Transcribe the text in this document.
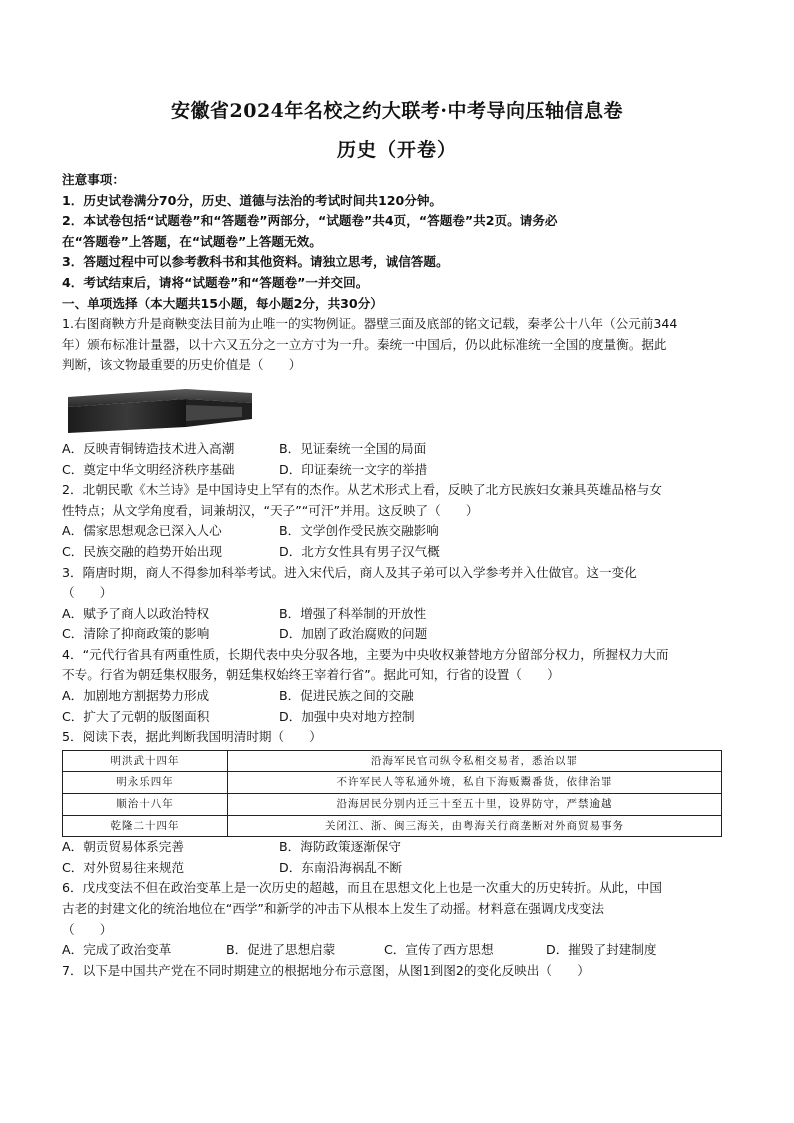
安徽省2024年名校之约大联考·中考导向压轴信息卷
历史（开卷）

注意事项：

1．历史试卷满分70分，历史、道德与法治的考试时间共120分钟。

2．本试卷包括“试题卷”和“答题卷”两部分，“试题卷”共4页，“答题卷”共2页。请务必

在“答题卷”上答题，在“试题卷”上答题无效。

3．答题过程中可以参考教科书和其他资料。请独立思考，诚信答题。

4．考试结束后，请将“试题卷”和“答题卷”一并交回。

一、单项选择（本大题共15小题，每小题2分，共30分）

1.右图商鞅方升是商鞅变法目前为止唯一的实物例证。器壁三面及底部的铭文记载，秦孝公十八年（公元前344

年）颁布标准计量器，以十六又五分之一立方寸为一升。秦统一中国后，仍以此标准统一全国的度量衡。据此

判断，该文物最重要的历史价值是（　　）

A．反映青铜铸造技术进入高潮	B．见证秦统一全国的局面
C．奠定中华文明经济秩序基础	D．印证秦统一文字的举措

2．北朝民歌《木兰诗》是中国诗史上罕有的杰作。从艺术形式上看，反映了北方民族妇女兼具英雄品格与女

性特点；从文学角度看，词兼胡汉，“天子”“可汗”并用。这反映了（　　）

A．儒家思想观念已深入人心	B．文学创作受民族交融影响
C．民族交融的趋势开始出现	D．北方女性具有男子汉气概

3．隋唐时期，商人不得参加科举考试。进入宋代后，商人及其子弟可以入学参考并入仕做官。这一变化

（　　）

A．赋予了商人以政治特权	B．增强了科举制的开放性
C．清除了抑商政策的影响	D．加剧了政治腐败的问题

4．“元代行省具有两重性质，长期代表中央分驭各地，主要为中央收权兼替地方分留部分权力，所握权力大而

不专。行省为朝廷集权服务，朝廷集权始终王宰着行省”。据此可知，行省的设置（　　）

A．加剧地方割据势力形成	B．促进民族之间的交融
C．扩大了元朝的版图面积	D．加强中央对地方控制

5．阅读下表，据此判断我国明清时期（　　）

明洪武十四年	沿海军民官司纵令私相交易者，悉治以罪
明永乐四年	不许军民人等私通外境，私自下海贩鬻番货，依律治罪
顺治十八年	沿海居民分别内迁三十至五十里，设界防守，严禁逾越
乾隆二十四年	关闭江、浙、闽三海关，由粤海关行商垄断对外商贸易事务
A．朝贡贸易体系完善	B．海防政策逐渐保守
C．对外贸易往来规范	D．东南沿海祸乱不断

6．戊戌变法不但在政治变革上是一次历史的超越，而且在思想文化上也是一次重大的历史转折。从此，中国

古老的封建文化的统治地位在“西学”和新学的冲击下从根本上发生了动摇。材料意在强调戊戌变法

（　　）

A．完成了政治变革	B．促进了思想启蒙	C．宣传了西方思想	D．摧毁了封建制度

7．以下是中国共产党在不同时期建立的根据地分布示意图，从图1到图2的变化反映出（　　）
